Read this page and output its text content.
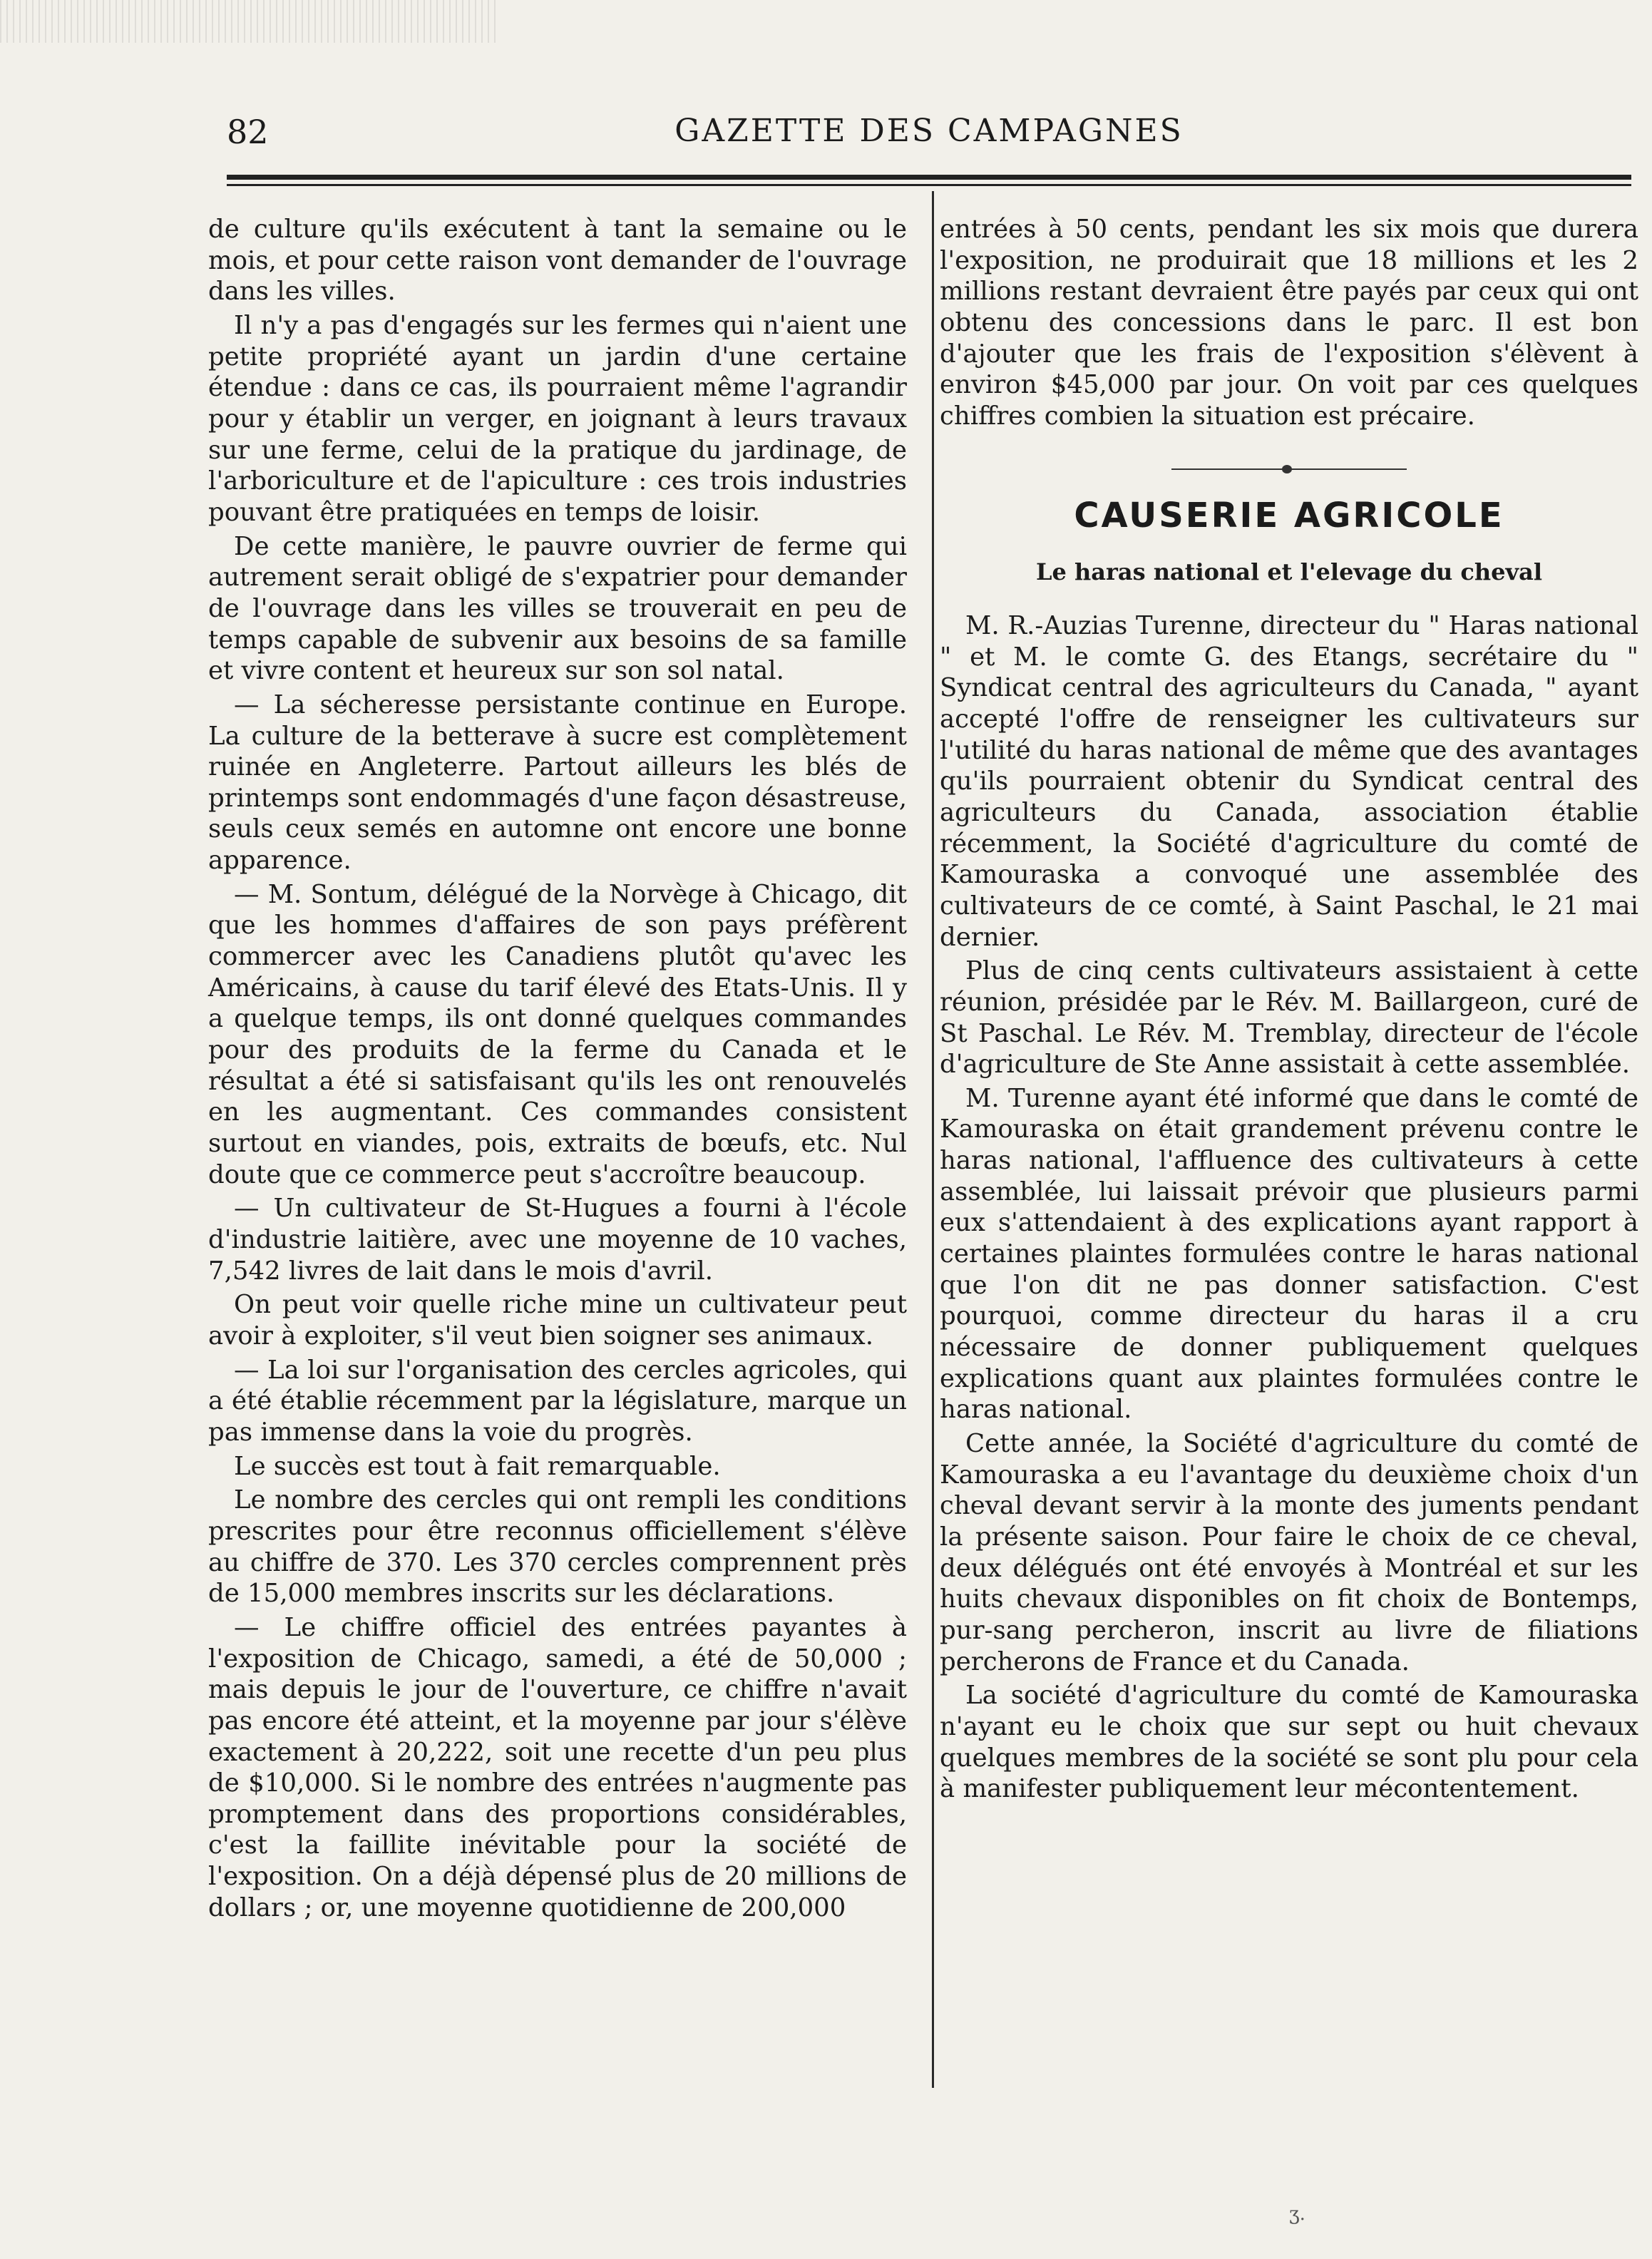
82	GAZETTE DES CAMPAGNES

de culture qu'ils exécutent à tant la semaine ou le mois, et pour cette raison vont demander de l'ouvrage dans les villes.

Il n'y a pas d'engagés sur les fermes qui n'aient une petite propriété ayant un jardin d'une certaine étendue : dans ce cas, ils pourraient même l'agrandir pour y établir un verger, en joignant à leurs travaux sur une ferme, celui de la pratique du jardinage, de l'arboriculture et de l'apiculture : ces trois industries pouvant être pratiquées en temps de loisir.

De cette manière, le pauvre ouvrier de ferme qui autrement serait obligé de s'expatrier pour demander de l'ouvrage dans les villes se trouverait en peu de temps capable de subvenir aux besoins de sa famille et vivre content et heureux sur son sol natal.

— La sécheresse persistante continue en Europe. La culture de la betterave à sucre est complètement ruinée en Angleterre. Partout ailleurs les blés de printemps sont endommagés d'une façon désastreuse, seuls ceux semés en automne ont encore une bonne apparence.

— M. Sontum, délégué de la Norvège à Chicago, dit que les hommes d'affaires de son pays préfèrent commercer avec les Canadiens plutôt qu'avec les Américains, à cause du tarif élevé des Etats-Unis. Il y a quelque temps, ils ont donné quelques commandes pour des produits de la ferme du Canada et le résultat a été si satisfaisant qu'ils les ont renouvelés en les augmentant. Ces commandes consistent surtout en viandes, pois, extraits de bœufs, etc. Nul doute que ce commerce peut s'accroître beaucoup.

— Un cultivateur de St-Hugues a fourni à l'école d'industrie laitière, avec une moyenne de 10 vaches, 7,542 livres de lait dans le mois d'avril.

On peut voir quelle riche mine un cultivateur peut avoir à exploiter, s'il veut bien soigner ses animaux.

— La loi sur l'organisation des cercles agricoles, qui a été établie récemment par la législature, marque un pas immense dans la voie du progrès.

Le succès est tout à fait remarquable.

Le nombre des cercles qui ont rempli les conditions prescrites pour être reconnus officiellement s'élève au chiffre de 370. Les 370 cercles comprennent près de 15,000 membres inscrits sur les déclarations.

— Le chiffre officiel des entrées payantes à l'exposition de Chicago, samedi, a été de 50,000 ; mais depuis le jour de l'ouverture, ce chiffre n'avait pas encore été atteint, et la moyenne par jour s'élève exactement à 20,222, soit une recette d'un peu plus de $10,000. Si le nombre des entrées n'augmente pas promptement dans des proportions considérables, c'est la faillite inévitable pour la société de l'exposition. On a déjà dépensé plus de 20 millions de dollars ; or, une moyenne quotidienne de 200,000

entrées à 50 cents, pendant les six mois que durera l'exposition, ne produirait que 18 millions et les 2 millions restant devraient être payés par ceux qui ont obtenu des concessions dans le parc. Il est bon d'ajouter que les frais de l'exposition s'élèvent à environ $45,000 par jour. On voit par ces quelques chiffres combien la situation est précaire.

CAUSERIE AGRICOLE
Le haras national et l'elevage du cheval

M. R.-Auzias Turenne, directeur du " Haras national " et M. le comte G. des Etangs, secrétaire du " Syndicat central des agriculteurs du Canada, " ayant accepté l'offre de renseigner les cultivateurs sur l'utilité du haras national de même que des avantages qu'ils pourraient obtenir du Syndicat central des agriculteurs du Canada, association établie récemment, la Société d'agriculture du comté de Kamouraska a convoqué une assemblée des cultivateurs de ce comté, à Saint Paschal, le 21 mai dernier.

Plus de cinq cents cultivateurs assistaient à cette réunion, présidée par le Rév. M. Baillargeon, curé de St Paschal. Le Rév. M. Tremblay, directeur de l'école d'agriculture de Ste Anne assistait à cette assemblée.

M. Turenne ayant été informé que dans le comté de Kamouraska on était grandement prévenu contre le haras national, l'affluence des cultivateurs à cette assemblée, lui laissait prévoir que plusieurs parmi eux s'attendaient à des explications ayant rapport à certaines plaintes formulées contre le haras national que l'on dit ne pas donner satisfaction. C'est pourquoi, comme directeur du haras il a cru nécessaire de donner publiquement quelques explications quant aux plaintes formulées contre le haras national.

Cette année, la Société d'agriculture du comté de Kamouraska a eu l'avantage du deuxième choix d'un cheval devant servir à la monte des juments pendant la présente saison. Pour faire le choix de ce cheval, deux délégués ont été envoyés à Montréal et sur les huits chevaux disponibles on fit choix de Bontemps, pur-sang percheron, inscrit au livre de filiations percherons de France et du Canada.

La société d'agriculture du comté de Kamouraska n'ayant eu le choix que sur sept ou huit chevaux quelques membres de la société se sont plu pour cela à manifester publiquement leur mécontentement.

ʒ.
